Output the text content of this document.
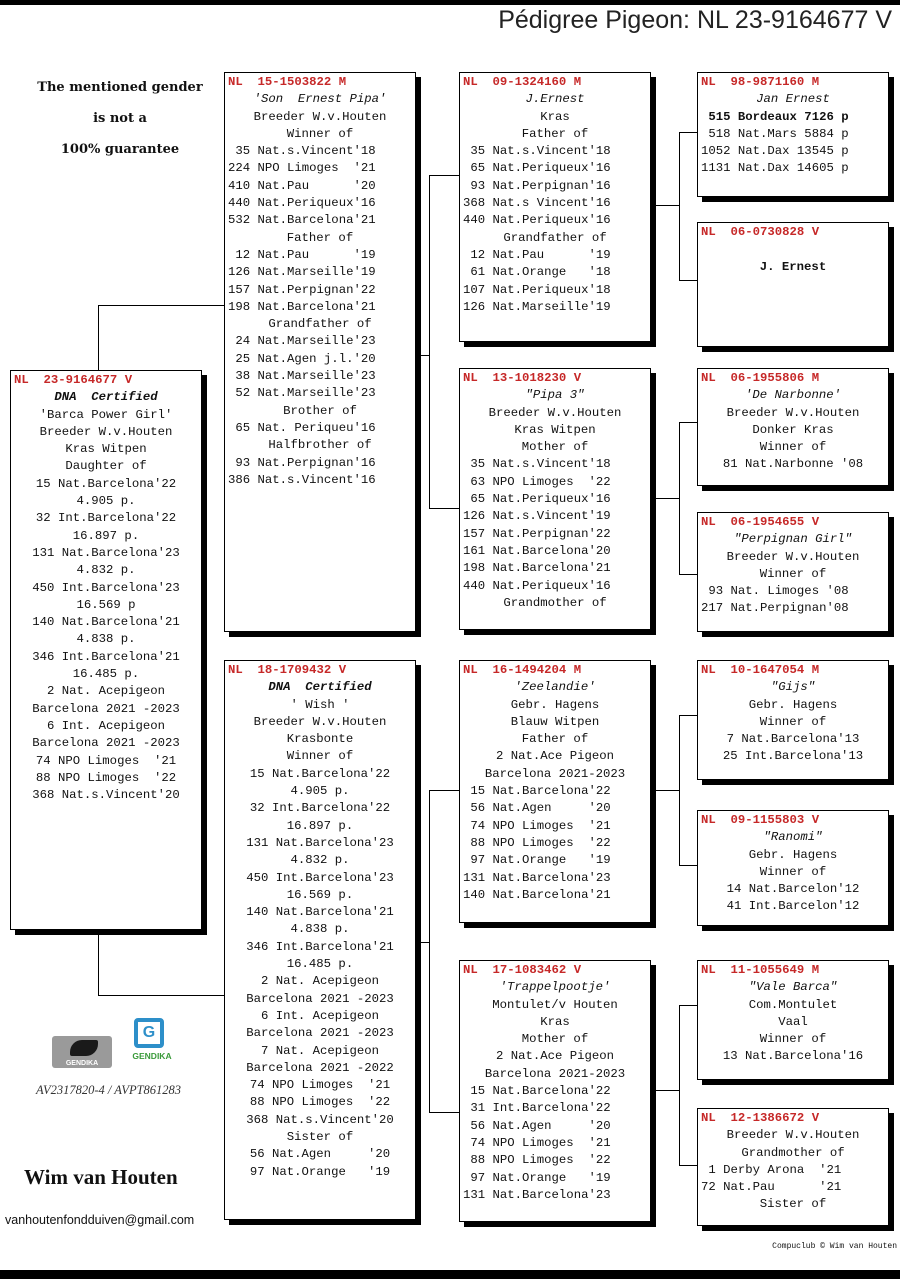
Pédigree Pigeon: NL 23-9164677 V
The mentioned gender
is not a
100% guarantee
NL  23-9164677 V
DNA  Certified
'Barca Power Girl'
Breeder W.v.Houten
Kras Witpen
Daughter of
15 Nat.Barcelona'22
4.905 p.
32 Int.Barcelona'22
16.897 p.
131 Nat.Barcelona'23
4.832 p.
450 Int.Barcelona'23
16.569 p
140 Nat.Barcelona'21
4.838 p.
346 Int.Barcelona'21
16.485 p.
2 Nat. Acepigeon
Barcelona 2021 -2023
6 Int. Acepigeon
Barcelona 2021 -2023
74 NPO Limoges  '21
88 NPO Limoges  '22
368 Nat.s.Vincent'20
NL  15-1503822 M
'Son  Ernest Pipa'
Breeder W.v.Houten
Winner of
35 Nat.s.Vincent'18
224 NPO Limoges  '21
410 Nat.Pau      '20
440 Nat.Periqueux'16
532 Nat.Barcelona'21
Father of
12 Nat.Pau      '19
126 Nat.Marseille'19
157 Nat.Perpignan'22
198 Nat.Barcelona'21
Grandfather of
24 Nat.Marseille'23
25 Nat.Agen j.l.'20
38 Nat.Marseille'23
52 Nat.Marseille'23
Brother of
65 Nat. Periqueu'16
Halfbrother of
93 Nat.Perpignan'16
386 Nat.s.Vincent'16
NL  18-1709432 V
DNA  Certified
' Wish '
Breeder W.v.Houten
Krasbonte
Winner of
15 Nat.Barcelona'22
4.905 p.
32 Int.Barcelona'22
16.897 p.
131 Nat.Barcelona'23
4.832 p.
450 Int.Barcelona'23
16.569 p.
140 Nat.Barcelona'21
4.838 p.
346 Int.Barcelona'21
16.485 p.
2 Nat. Acepigeon
Barcelona 2021 -2023
6 Int. Acepigeon
Barcelona 2021 -2023
7 Nat. Acepigeon
Barcelona 2021 -2022
74 NPO Limoges  '21
88 NPO Limoges  '22
368 Nat.s.Vincent'20
Sister of
56 Nat.Agen     '20
97 Nat.Orange   '19
NL  09-1324160 M
J.Ernest
Kras
Father of
35 Nat.s.Vincent'18
65 Nat.Periqueux'16
93 Nat.Perpignan'16
368 Nat.s Vincent'16
440 Nat.Periqueux'16
Grandfather of
12 Nat.Pau      '19
61 Nat.Orange   '18
107 Nat.Periqueux'18
126 Nat.Marseille'19
NL  13-1018230 V
"Pipa 3"
Breeder W.v.Houten
Kras Witpen
Mother of
35 Nat.s.Vincent'18
63 NPO Limoges  '22
65 Nat.Periqueux'16
126 Nat.s.Vincent'19
157 Nat.Perpignan'22
161 Nat.Barcelona'20
198 Nat.Barcelona'21
440 Nat.Periqueux'16
Grandmother of
NL  16-1494204 M
'Zeelandie'
Gebr. Hagens
Blauw Witpen
Father of
2 Nat.Ace Pigeon
Barcelona 2021-2023
15 Nat.Barcelona'22
56 Nat.Agen     '20
74 NPO Limoges  '21
88 NPO Limoges  '22
97 Nat.Orange   '19
131 Nat.Barcelona'23
140 Nat.Barcelona'21
NL  17-1083462 V
'Trappelpootje'
Montulet/v Houten
Kras
Mother of
2 Nat.Ace Pigeon
Barcelona 2021-2023
15 Nat.Barcelona'22
31 Int.Barcelona'22
56 Nat.Agen     '20
74 NPO Limoges  '21
88 NPO Limoges  '22
97 Nat.Orange   '19
131 Nat.Barcelona'23
NL  98-9871160 M
Jan Ernest
515 Bordeaux 7126 p
518 Nat.Mars 5884 p
1052 Nat.Dax 13545 p
1131 Nat.Dax 14605 p
NL  06-0730828 V

J. Ernest
NL  06-1955806 M
'De Narbonne'
Breeder W.v.Houten
Donker Kras
Winner of
81 Nat.Narbonne '08
NL  06-1954655 V
"Perpignan Girl"
Breeder W.v.Houten
Winner of
93 Nat. Limoges '08
217 Nat.Perpignan'08
NL  10-1647054 M
"Gijs"
Gebr. Hagens
Winner of
7 Nat.Barcelona'13
25 Int.Barcelona'13
NL  09-1155803 V
"Ranomi"
Gebr. Hagens
Winner of
14 Nat.Barcelon'12
41 Int.Barcelon'12
NL  11-1055649 M
"Vale Barca"
Com.Montulet
Vaal
Winner of
13 Nat.Barcelona'16
NL  12-1386672 V
Breeder W.v.Houten
Grandmother of
1 Derby Arona  '21
72 Nat.Pau      '21
Sister of
GENDIKA
G
GENDIKA
AV2317820-4 / AVPT861283
Wim van Houten
vanhoutenfondduiven@gmail.com
Compuclub © Wim van Houten
